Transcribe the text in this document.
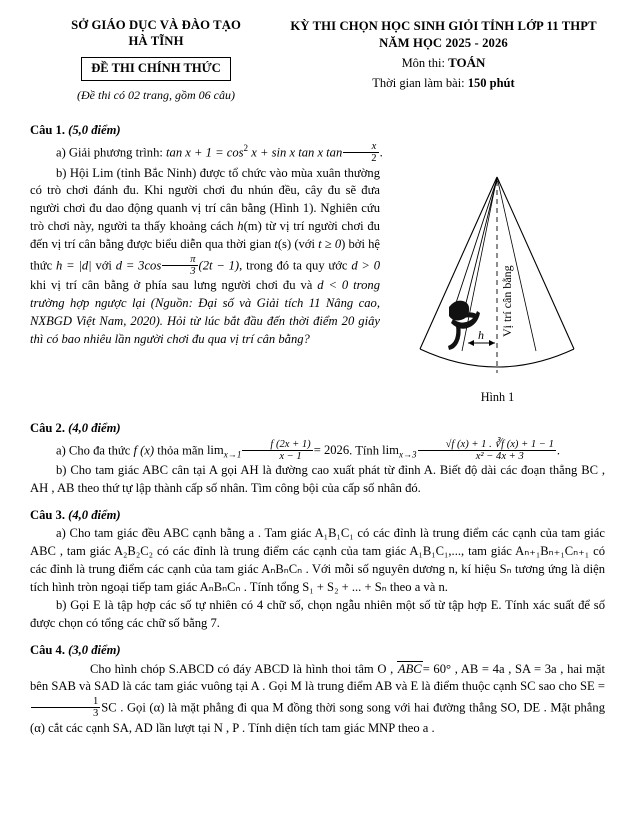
SỞ GIÁO DỤC VÀ ĐÀO TẠO
HÀ TĨNH
ĐỀ THI CHÍNH THỨC
(Đề thi có 02 trang, gồm 06 câu)
KỲ THI CHỌN HỌC SINH GIỎI TỈNH LỚP 11 THPT
NĂM HỌC 2025 - 2026
Môn thi: TOÁN
Thời gian làm bài: 150 phút
Câu 1. (5,0 điểm)

a) Giải phương trình: $\tan x + 1 = \cos^2 x + \sin x$ tan x $\tan \frac{x}{2}$ .

h Vị trí cân bằng
Hình 1

b) Hội Lim (tỉnh Bắc Ninh) được tổ chức vào mùa xuân thường có trò chơi đánh đu. Khi người chơi đu nhún đều, cây đu sẽ đưa người chơi đu dao động quanh vị trí cân bằng (Hình 1). Nghiên cứu trò chơi này, người ta thấy khoảng cách h(m) từ vị trí người chơi đu đến vị trí cân bằng được biểu diễn qua thời gian t(s) (với t ≥ 0) bởi hệ thức h = |d| với $d = 3\cos \frac{\pi}{3} (2t - 1)$, trong đó ta quy ước d > 0 khi vị trí cân bằng ở phía sau lưng người chơi đu và d < 0 trong trường hợp ngược lại (Nguồn: Đại số và Giải tích 11 Nâng cao, NXBGD Việt Nam, 2020). Hỏi từ lúc bắt đầu đến thời điểm 20 giây thì có bao nhiêu lần người chơi đu qua vị trí cân bằng?

Câu 2. (4,0 điểm)

a) Cho đa thức f (x) thỏa mãn $\lim_{x\to 1} \frac{f (2x + 1)}{x - 1} = 2026$. Tính $\lim_{x\to 3} \frac{√f (x) + 1 . ∛f (x) + 1 - 1}{\text{x² − 4x + 3}}$ .

b) Cho tam giác ABC cân tại A gọi AH là đường cao xuất phát từ đỉnh A. Biết độ dài các đoạn thẳng BC , AH , AB theo thứ tự lập thành cấp số nhân. Tìm công bội của cấp số nhân đó.

Câu 3. (4,0 điểm)

a) Cho tam giác đều ABC cạnh bằng a . Tam giác A₁B₁C₁ có các đỉnh là trung điểm các cạnh của tam giác ABC , tam giác A₂B₂C₂ có các đỉnh là trung điểm các cạnh của tam giác A₁B₁C₁,..., tam giác Aₙ₊₁Bₙ₊₁Cₙ₊₁ có các đỉnh là trung điểm các cạnh của tam giác AₙBₙCₙ . Với mỗi số nguyên dương n, kí hiệu Sₙ tương ứng là diện tích hình tròn ngoại tiếp tam giác AₙBₙCₙ . Tính tổng S₁ + S₂ + ... + Sₙ theo a và n.

b) Gọi E là tập hợp các số tự nhiên có 4 chữ số, chọn ngẫu nhiên một số từ tập hợp E. Tính xác suất để số được chọn có tổng các chữ số bằng 7.

Câu 4. (3,0 điểm)

Cho hình chóp S.ABCD có đáy ABCD là hình thoi tâm O , ABC= 60° , AB = 4a , SA = 3a , hai mặt bên SAB và SAD là các tam giác vuông tại A . Gọi M là trung điểm AB và E là điểm thuộc cạnh SC sao cho SE =
$\frac{1}{3}$ SC . Gọi (α) là mặt phẳng đi qua M đồng thời song song với hai đường thẳng SO, DE . Mặt phẳng (α) cắt các cạnh SA, AD lần lượt tại N , P . Tính diện tích tam giác MNP theo a .
